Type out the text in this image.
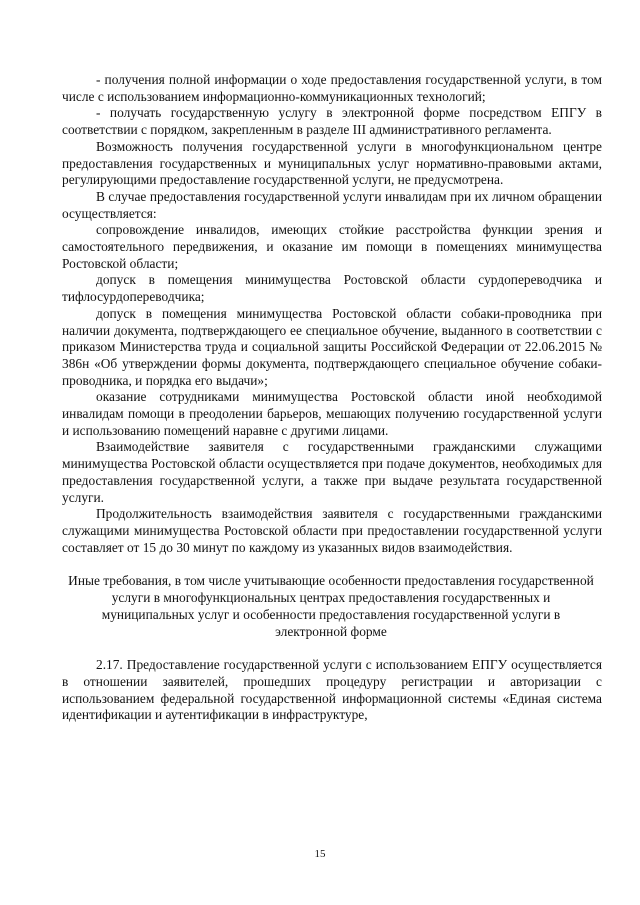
- получения полной информации о ходе предоставления государственной услуги, в том числе с использованием информационно-коммуникационных технологий;

- получать государственную услугу в электронной форме посредством ЕПГУ в соответствии с порядком, закрепленным в разделе III административного регламента.

Возможность получения государственной услуги в многофункциональном центре предоставления государственных и муниципальных услуг нормативно-правовыми актами, регулирующими предоставление государственной услуги, не предусмотрена.

В случае предоставления государственной услуги инвалидам при их личном обращении осуществляется:

сопровождение инвалидов, имеющих стойкие расстройства функции зрения и самостоятельного передвижения, и оказание им помощи в помещениях минимущества Ростовской области;

допуск в помещения минимущества Ростовской области сурдопереводчика и тифлосурдопереводчика;

допуск в помещения минимущества Ростовской области собаки-проводника при наличии документа, подтверждающего ее специальное обучение, выданного в соответствии с приказом Министерства труда и социальной защиты Российской Федерации от 22.06.2015 № 386н «Об утверждении формы документа, подтверждающего специальное обучение собаки-проводника, и порядка его выдачи»;

оказание сотрудниками минимущества Ростовской области иной необходимой инвалидам помощи в преодолении барьеров, мешающих получению государственной услуги и использованию помещений наравне с другими лицами.

Взаимодействие заявителя с государственными гражданскими служащими минимущества Ростовской области осуществляется при подаче документов, необходимых для предоставления государственной услуги, а также при выдаче результата государственной услуги.

Продолжительность взаимодействия заявителя с государственными гражданскими служащими минимущества Ростовской области при предоставлении государственной услуги составляет от 15 до 30 минут по каждому из указанных видов взаимодействия.

Иные требования, в том числе учитывающие особенности предоставления государственной услуги в многофункциональных центрах предоставления государственных и муниципальных услуг и особенности предоставления государственной услуги в электронной форме

2.17. Предоставление государственной услуги с использованием ЕПГУ осуществляется в отношении заявителей, прошедших процедуру регистрации и авторизации с использованием федеральной государственной информационной системы «Единая система идентификации и аутентификации в инфраструктуре,

15
